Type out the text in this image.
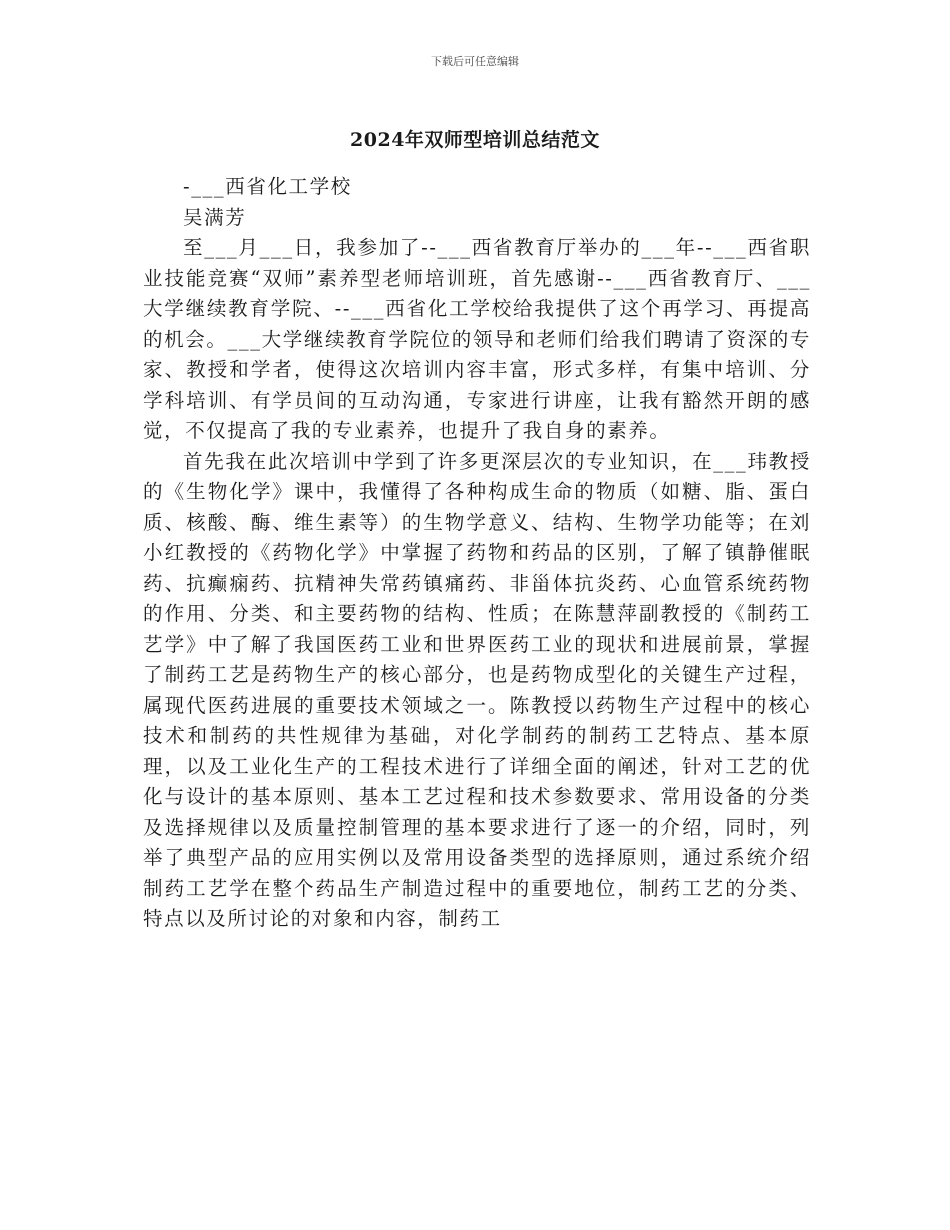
下载后可任意编辑
2024年双师型培训总结范文

-___西省化工学校

吴满芳

至___月___日，我参加了--___西省教育厅举办的___年--___西省职业技能竞赛“双师”素养型老师培训班，首先感谢--___西省教育厅、___大学继续教育学院、--___西省化工学校给我提供了这个再学习、再提高的机会。___大学继续教育学院位的领导和老师们给我们聘请了资深的专家、教授和学者，使得这次培训内容丰富，形式多样，有集中培训、分学科培训、有学员间的互动沟通，专家进行讲座，让我有豁然开朗的感觉，不仅提高了我的专业素养，也提升了我自身的素养。

首先我在此次培训中学到了许多更深层次的专业知识，在___玮教授的《生物化学》课中，我懂得了各种构成生命的物质（如糖、脂、蛋白质、核酸、酶、维生素等）的生物学意义、结构、生物学功能等；在刘小红教授的《药物化学》中掌握了药物和药品的区别，了解了镇静催眠药、抗癫痫药、抗精神失常药镇痛药、非甾体抗炎药、心血管系统药物的作用、分类、和主要药物的结构、性质；在陈慧萍副教授的《制药工艺学》中了解了我国医药工业和世界医药工业的现状和进展前景，掌握了制药工艺是药物生产的核心部分，也是药物成型化的关键生产过程，属现代医药进展的重要技术领域之一。陈教授以药物生产过程中的核心技术和制药的共性规律为基础，对化学制药的制药工艺特点、基本原理，以及工业化生产的工程技术进行了详细全面的阐述，针对工艺的优化与设计的基本原则、基本工艺过程和技术参数要求、常用设备的分类及选择规律以及质量控制管理的基本要求进行了逐一的介绍，同时，列举了典型产品的应用实例以及常用设备类型的选择原则，通过系统介绍制药工艺学在整个药品生产制造过程中的重要地位，制药工艺的分类、特点以及所讨论的对象和内容，制药工
